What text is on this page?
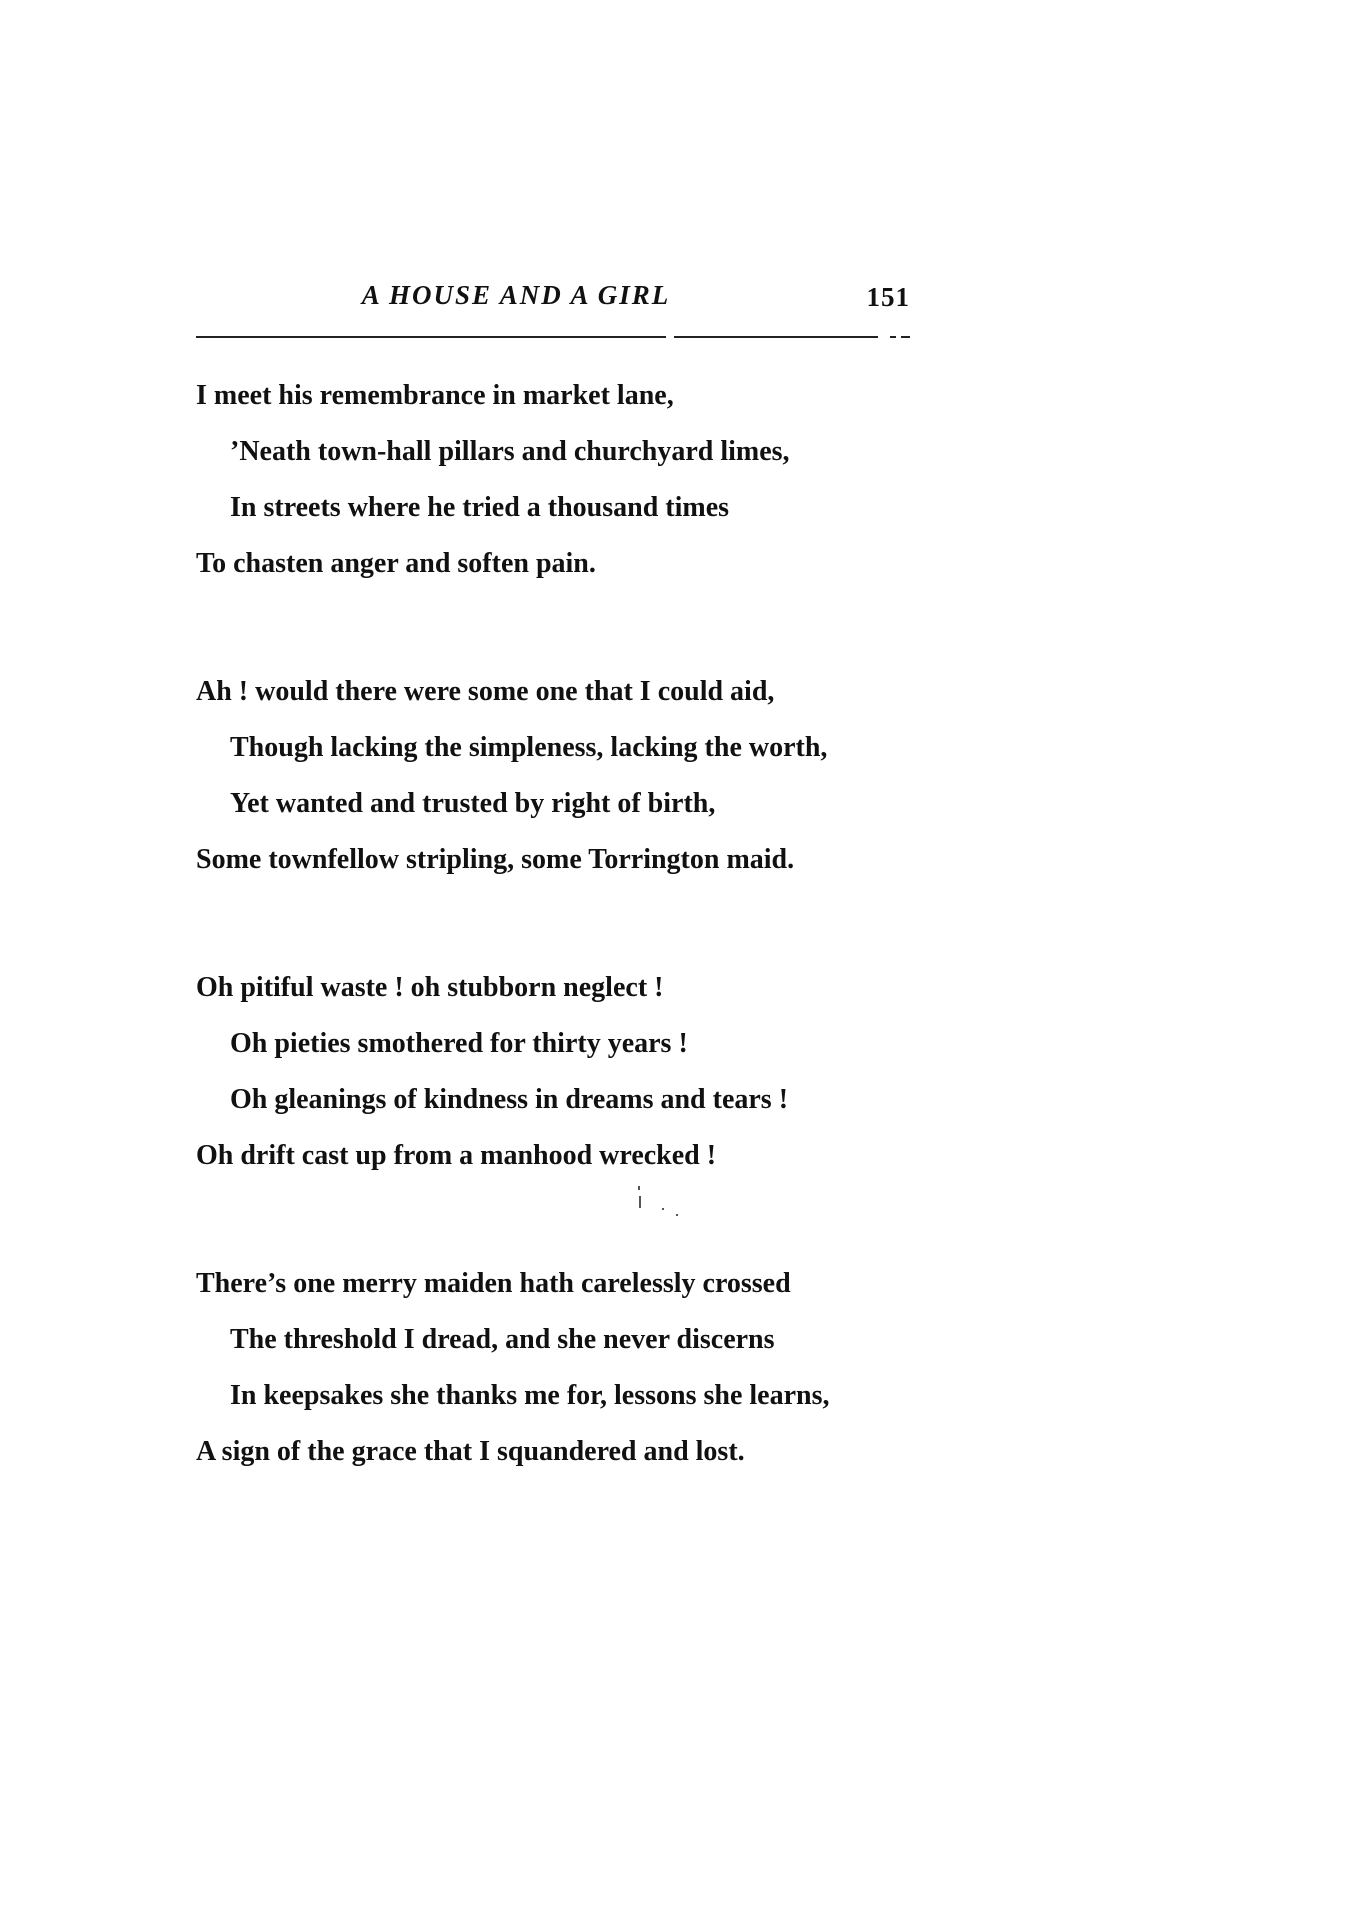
A HOUSE AND A GIRL	151
I meet his remembrance in market lane,
’Neath town-hall pillars and churchyard limes,
In streets where he tried a thousand times
To chasten anger and soften pain.
Ah ! would there were some one that I could aid,
Though lacking the simpleness, lacking the worth,
Yet wanted and trusted by right of birth,
Some townfellow stripling, some Torrington maid.
Oh pitiful waste ! oh stubborn neglect !
Oh pieties smothered for thirty years !
Oh gleanings of kindness in dreams and tears !
Oh drift cast up from a manhood wrecked !
There’s one merry maiden hath carelessly crossed
The threshold I dread, and she never discerns
In keepsakes she thanks me for, lessons she learns,
A sign of the grace that I squandered and lost.
